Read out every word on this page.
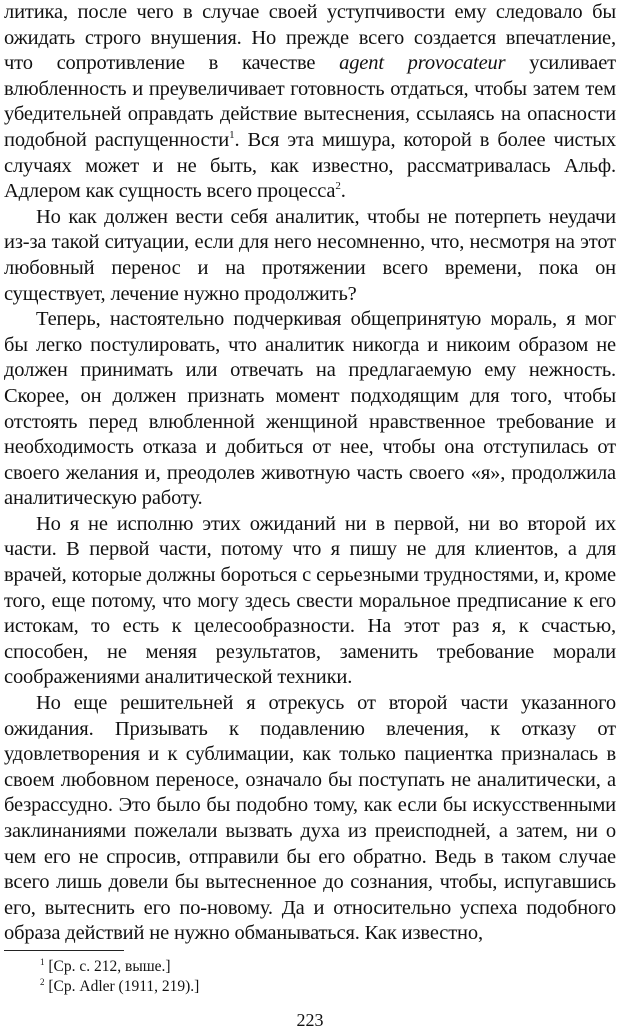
литика, после чего в случае своей уступчивости ему следовало бы ожидать строго внушения. Но прежде всего создается впечатление, что сопротивление в качестве agent provocateur усиливает влюбленность и преувеличивает готовность отдаться, чтобы затем тем убедительней оправдать действие вытеснения, ссылаясь на опасности подобной распущенности$^1$. Вся эта мишура, которой в более чистых случаях может и не быть, как известно, рассматривалась Альф. Адлером как сущность всего процесса$^2$.

Но как должен вести себя аналитик, чтобы не потерпеть неудачи из-за такой ситуации, если для него несомненно, что, несмотря на этот любовный перенос и на протяжении всего времени, пока он существует, лечение нужно продолжить?

Теперь, настоятельно подчеркивая общепринятую мораль, я мог бы легко постулировать, что аналитик никогда и никоим образом не должен принимать или отвечать на предлагаемую ему нежность. Скорее, он должен признать момент подходящим для того, чтобы отстоять перед влюбленной женщиной нравственное требование и необходимость отказа и добиться от нее, чтобы она отступилась от своего желания и, преодолев животную часть своего «я», продолжила аналитическую работу.

Но я не исполню этих ожиданий ни в первой, ни во второй их части. В первой части, потому что я пишу не для клиентов, а для врачей, которые должны бороться с серьезными трудностями, и, кроме того, еще потому, что могу здесь свести моральное предписание к его истокам, то есть к целесообразности. На этот раз я, к счастью, способен, не меняя результатов, заменить требование морали соображениями аналитической техники.

Но еще решительней я отрекусь от второй части указанного ожидания. Призывать к подавлению влечения, к отказу от удовлетворения и к сублимации, как только пациентка призналась в своем любовном переносе, означало бы поступать не аналитически, а безрассудно. Это было бы подобно тому, как если бы искусственными заклинаниями пожелали вызвать духа из преисподней, а затем, ни о чем его не спросив, отправили бы его обратно. Ведь в таком случае всего лишь довели бы вытесненное до сознания, чтобы, испугавшись его, вытеснить его по-новому. Да и относительно успеха подобного образа действий не нужно обманываться. Как известно,

$^1$ [Ср. с. 212, выше.]
$^2$ [Ср. Adler (1911, 219).]
223
